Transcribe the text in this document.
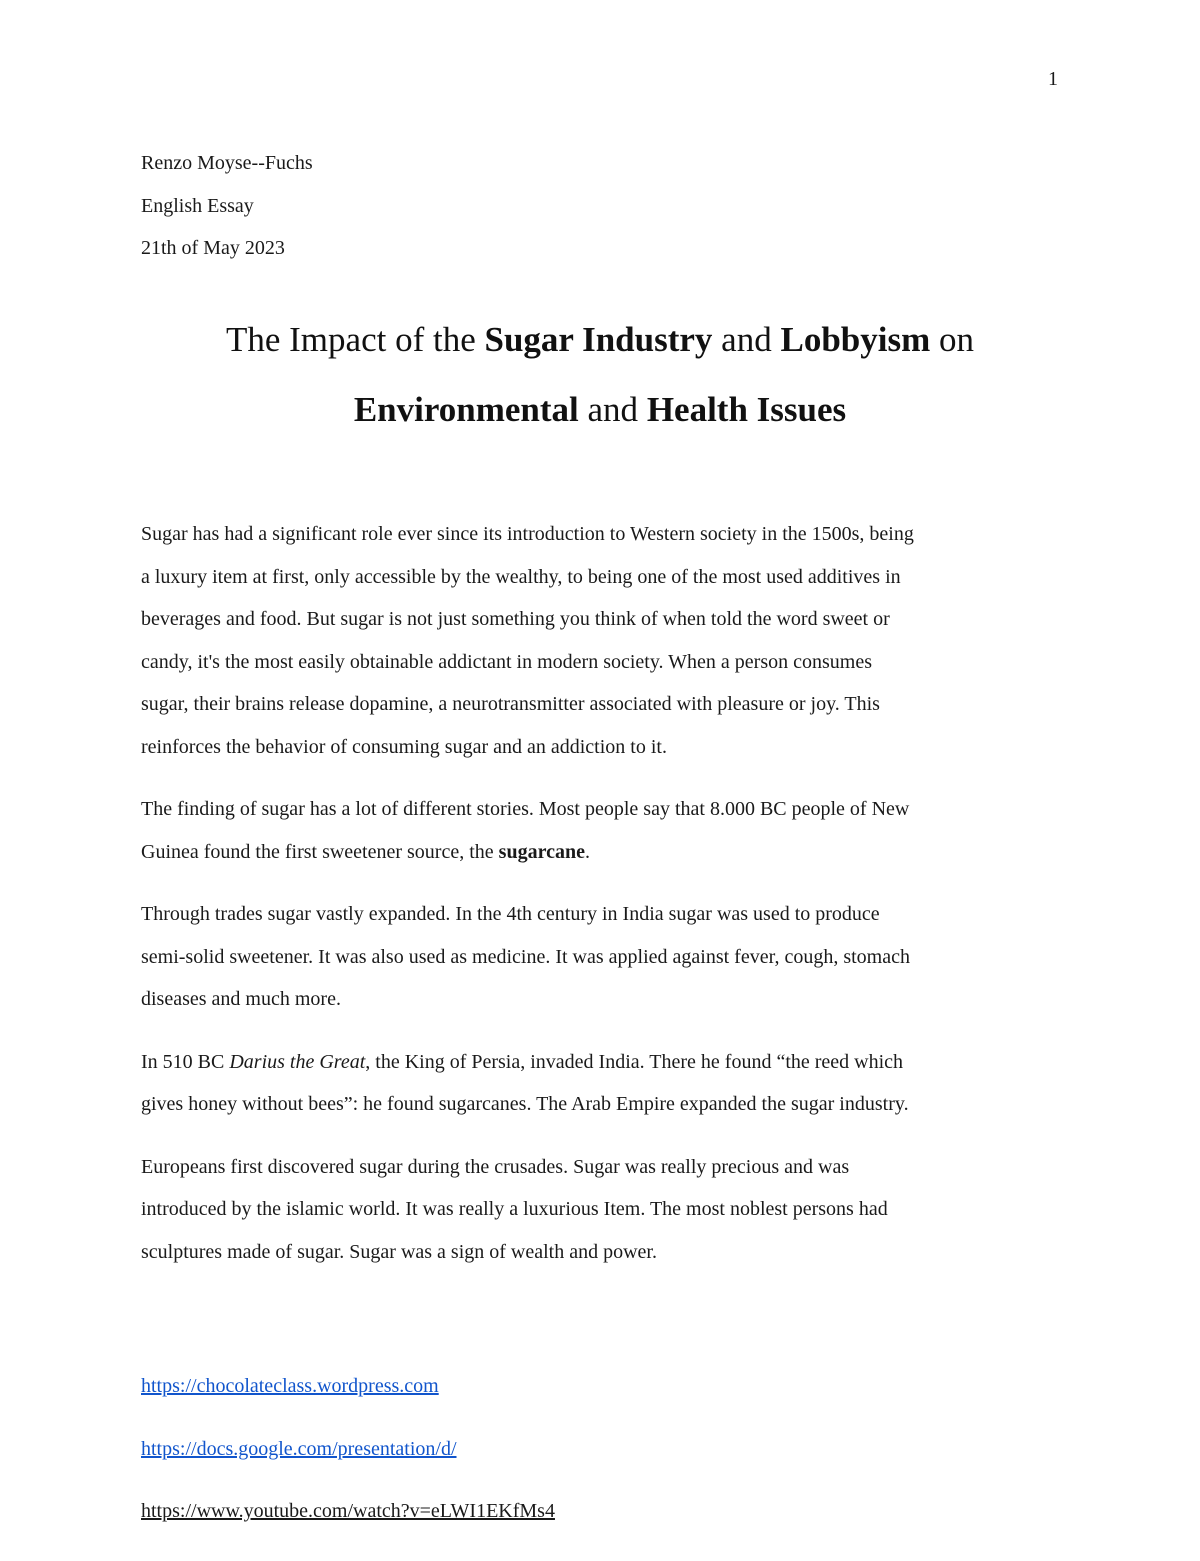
1
Renzo Moyse--Fuchs
English Essay
21th of May 2023
The Impact of the Sugar Industry and Lobbyism on
Environmental and Health Issues
Sugar has had a significant role ever since its introduction to Western society in the 1500s, being
a luxury item at first, only accessible by the wealthy, to being one of the most used additives in
beverages and food. But sugar is not just something you think of when told the word sweet or
candy, it's the most easily obtainable addictant in modern society. When a person consumes
sugar, their brains release dopamine, a neurotransmitter associated with pleasure or joy. This
reinforces the behavior of consuming sugar and an addiction to it.
The finding of sugar has a lot of different stories. Most people say that 8.000 BC people of New
Guinea found the first sweetener source, the sugarcane.
Through trades sugar vastly expanded. In the 4th century in India sugar was used to produce
semi-solid sweetener. It was also used as medicine. It was applied against fever, cough, stomach
diseases and much more.
In 510 BC Darius the Great, the King of Persia, invaded India. There he found “the reed which
gives honey without bees”: he found sugarcanes. The Arab Empire expanded the sugar industry.
Europeans first discovered sugar during the crusades. Sugar was really precious and was
introduced by the islamic world. It was really a luxurious Item. The most noblest persons had
sculptures made of sugar. Sugar was a sign of wealth and power.
https://chocolateclass.wordpress.com
https://docs.google.com/presentation/d/
https://www.youtube.com/watch?v=eLWI1EKfMs4
